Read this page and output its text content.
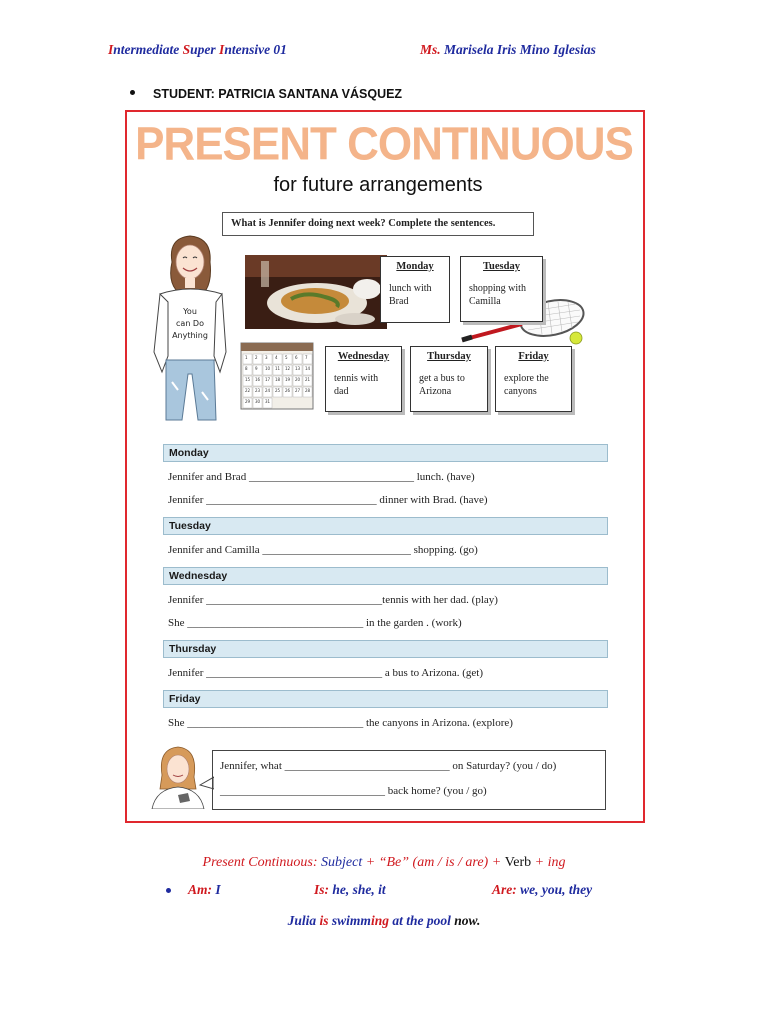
Intermediate Super Intensive 01	Ms. Marisela Iris Mino Iglesias
STUDENT: PATRICIA SANTANA VÁSQUEZ
PRESENT CONTINUOUS
for future arrangements
What is Jennifer doing next week? Complete the sentences.
You
can Do
Anything
1 2 3 4 5 6 7
8 9 10 11 12 13 14
15 16 17 18 19 20 21
22 23 24 25 26 27 28
29 30 31
Monday
lunch with Brad
Tuesday
shopping with Camilla
Wednesday
tennis with dad
Thursday
get a bus to Arizona
Friday
explore the canyons
Monday
Jennifer and Brad ______________________________ lunch. (have)
Jennifer _______________________________ dinner with Brad. (have)
Tuesday
Jennifer and Camilla ___________________________ shopping. (go)
Wednesday
Jennifer ________________________________tennis with her dad. (play)
She ________________________________ in the garden . (work)
Thursday
Jennifer ________________________________ a bus to Arizona. (get)
Friday
She ________________________________ the canyons in Arizona. (explore)
Jennifer, what ______________________________ on Saturday? (you / do)
______________________________ back home? (you / go)
Present Continuous: Subject + “Be” (am / is / are) + Verb + ing
Am: I	Is: he, she, it	Are: we, you, they
Julia is swimming at the pool now.
